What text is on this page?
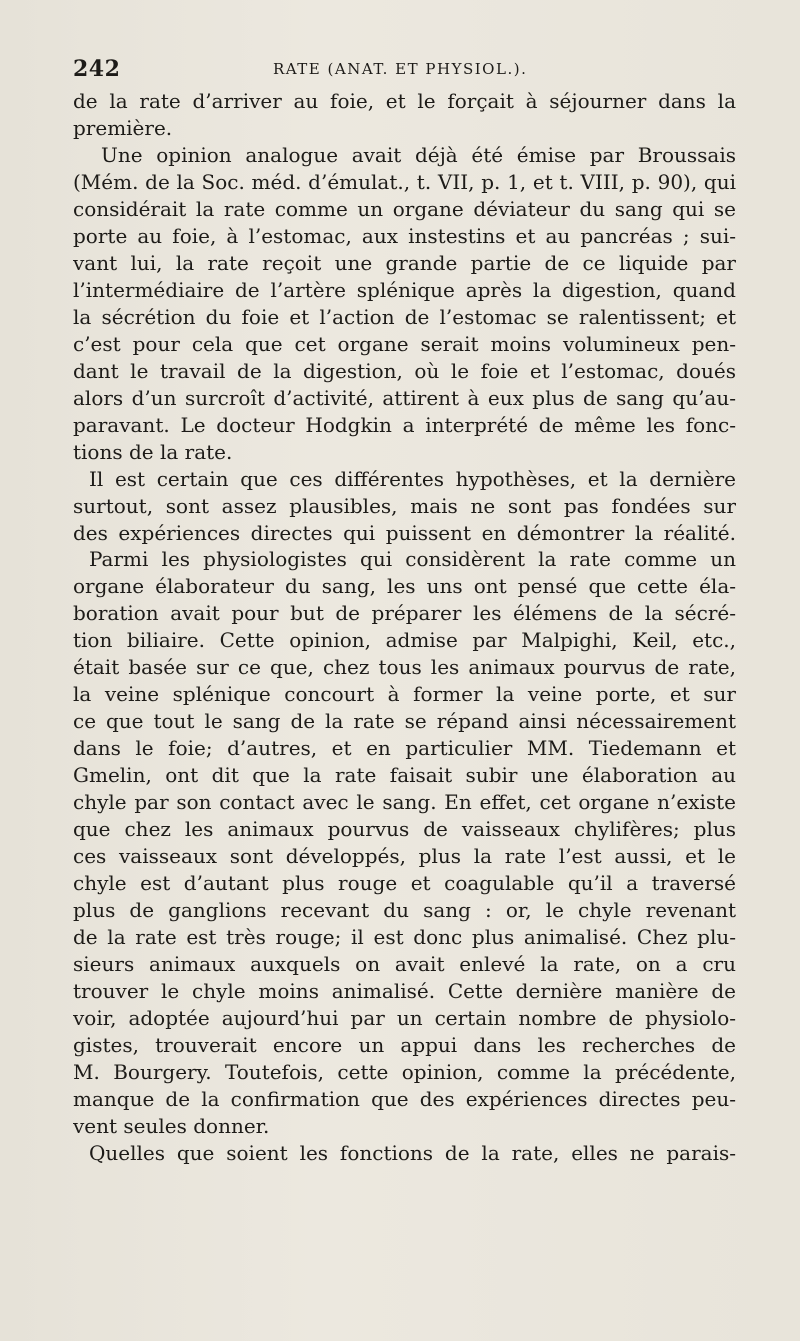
242	RATE (ANAT. ET PHYSIOL.).
de la rate d’arriver au foie, et le forçait à séjourner dans la
première.
Une opinion analogue avait déjà été émise par Broussais
(Mém. de la Soc. méd. d’émulat., t. VII, p. 1, et t. VIII, p. 90), qui
considérait la rate comme un organe déviateur du sang qui se
porte au foie, à l’estomac, aux instestins et au pancréas ; sui-
vant lui, la rate reçoit une grande partie de ce liquide par
l’intermédiaire de l’artère splénique après la digestion, quand
la sécrétion du foie et l’action de l’estomac se ralentissent; et
c’est pour cela que cet organe serait moins volumineux pen-
dant le travail de la digestion, où le foie et l’estomac, doués
alors d’un surcroît d’activité, attirent à eux plus de sang qu’au-
paravant. Le docteur Hodgkin a interprété de même les fonc-
tions de la rate.
Il est certain que ces différentes hypothèses, et la dernière
surtout, sont assez plausibles, mais ne sont pas fondées sur
des expériences directes qui puissent en démontrer la réalité.
Parmi les physiologistes qui considèrent la rate comme un
organe élaborateur du sang, les uns ont pensé que cette éla-
boration avait pour but de préparer les élémens de la sécré-
tion biliaire. Cette opinion, admise par Malpighi, Keil, etc.,
était basée sur ce que, chez tous les animaux pourvus de rate,
la veine splénique concourt à former la veine porte, et sur
ce que tout le sang de la rate se répand ainsi nécessairement
dans le foie; d’autres, et en particulier MM. Tiedemann et
Gmelin, ont dit que la rate faisait subir une élaboration au
chyle par son contact avec le sang. En effet, cet organe n’existe
que chez les animaux pourvus de vaisseaux chylifères; plus
ces vaisseaux sont développés, plus la rate l’est aussi, et le
chyle est d’autant plus rouge et coagulable qu’il a traversé
plus de ganglions recevant du sang : or, le chyle revenant
de la rate est très rouge; il est donc plus animalisé. Chez plu-
sieurs animaux auxquels on avait enlevé la rate, on a cru
trouver le chyle moins animalisé. Cette dernière manière de
voir, adoptée aujourd’hui par un certain nombre de physiolo-
gistes, trouverait encore un appui dans les recherches de
M. Bourgery. Toutefois, cette opinion, comme la précédente,
manque de la confirmation que des expériences directes peu-
vent seules donner.
Quelles que soient les fonctions de la rate, elles ne parais-
